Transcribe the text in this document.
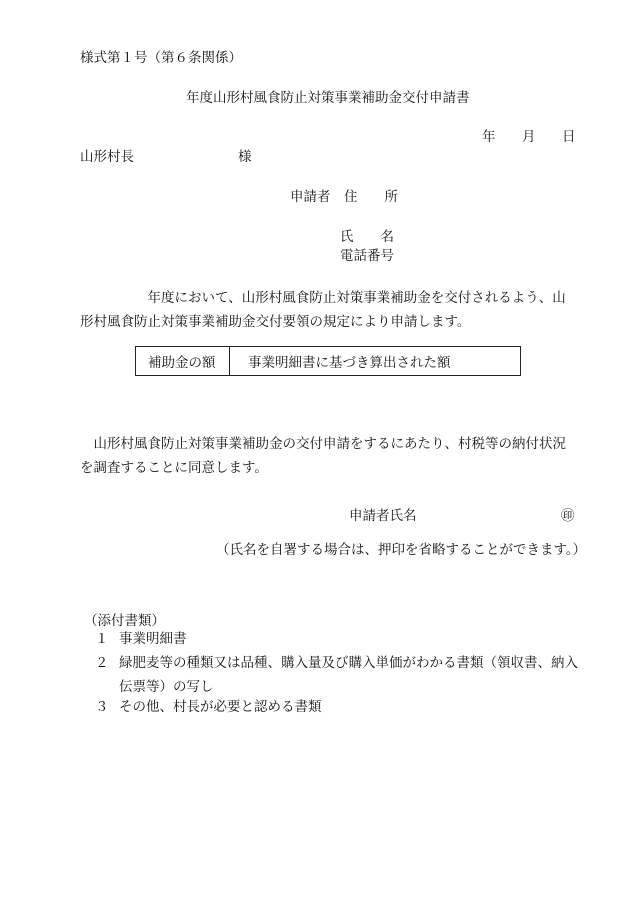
様式第１号（第６条関係）
年度山形村風食防止対策事業補助金交付申請書
年 月 日
山形村長	様
申請者 住　　所
氏　　名
電話番号
　　　　　年度において、山形村風食防止対策事業補助金を交付されるよう、山形村風食防止対策事業補助金交付要領の規定により申請します。
補助金の額	事業明細書に基づき算出された額
　山形村風食防止対策事業補助金の交付申請をするにあたり、村税等の納付状況を調査することに同意します。
申請者氏名	㊞
（氏名を自署する場合は、押印を省略することができます。）
（添付書類）
１ 事業明細書
２ 緑肥麦等の種類又は品種、購入量及び購入単価がわかる書類（領収書、納入伝票等）の写し
３ その他、村長が必要と認める書類
